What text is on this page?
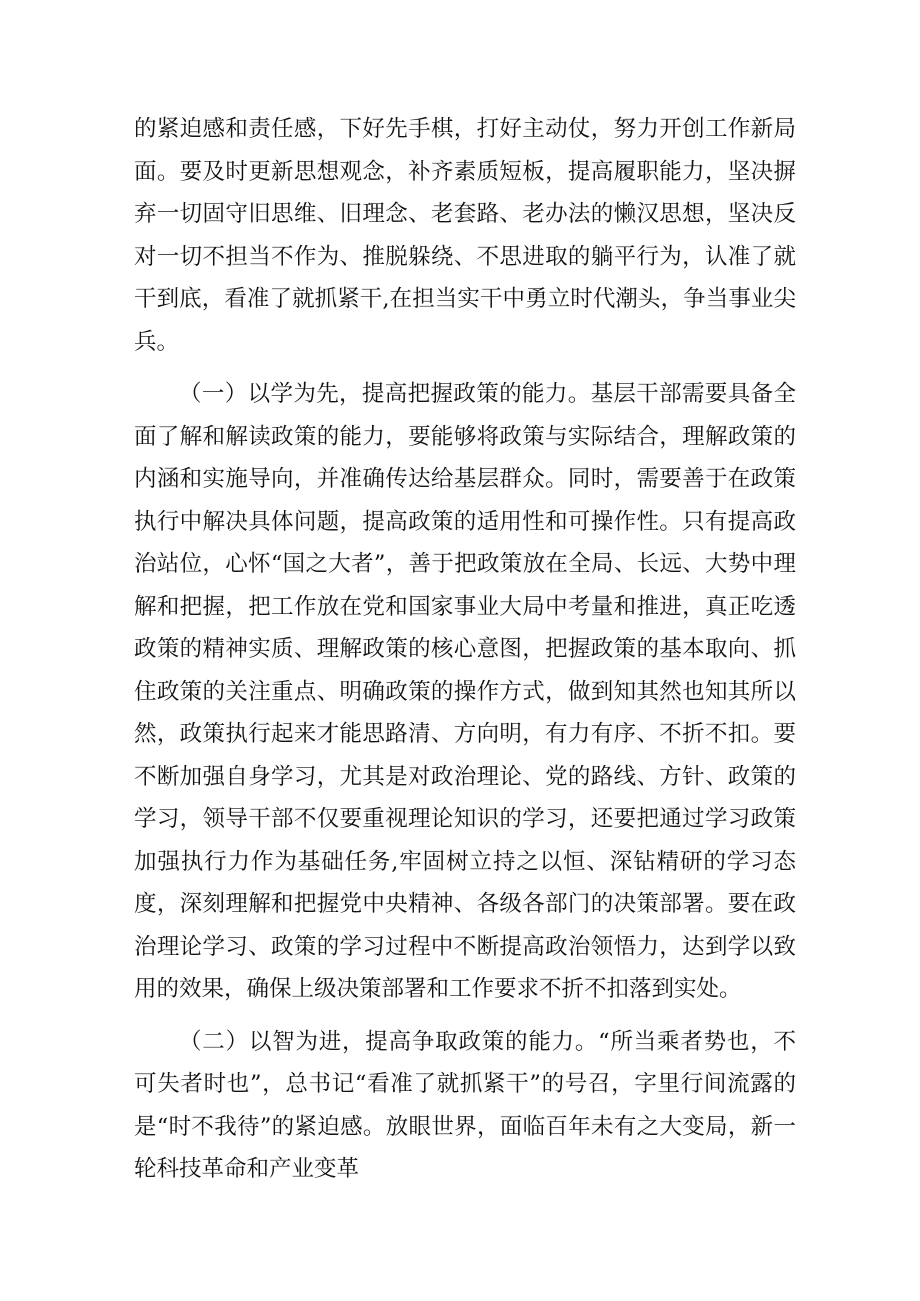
的紧迫感和责任感，下好先手棋，打好主动仗，努力开创工作新局面。要及时更新思想观念，补齐素质短板，提高履职能力，坚决摒弃一切固守旧思维、旧理念、老套路、老办法的懒汉思想，坚决反对一切不担当不作为、推脱躲绕、不思进取的躺平行为，认准了就干到底，看准了就抓紧干,在担当实干中勇立时代潮头，争当事业尖兵。

（一）以学为先，提高把握政策的能力。基层干部需要具备全面了解和解读政策的能力，要能够将政策与实际结合，理解政策的内涵和实施导向，并准确传达给基层群众。同时，需要善于在政策执行中解决具体问题，提高政策的适用性和可操作性。只有提高政治站位，心怀“国之大者”，善于把政策放在全局、长远、大势中理解和把握，把工作放在党和国家事业大局中考量和推进，真正吃透政策的精神实质、理解政策的核心意图，把握政策的基本取向、抓住政策的关注重点、明确政策的操作方式，做到知其然也知其所以然，政策执行起来才能思路清、方向明，有力有序、不折不扣。要不断加强自身学习，尤其是对政治理论、党的路线、方针、政策的学习，领导干部不仅要重视理论知识的学习，还要把通过学习政策加强执行力作为基础任务,牢固树立持之以恒、深钻精研的学习态度，深刻理解和把握党中央精神、各级各部门的决策部署。要在政治理论学习、政策的学习过程中不断提高政治领悟力，达到学以致用的效果，确保上级决策部署和工作要求不折不扣落到实处。

（二）以智为进，提高争取政策的能力。“所当乘者势也，不可失者时也”，总书记“看准了就抓紧干”的号召，字里行间流露的是“时不我待”的紧迫感。放眼世界，面临百年未有之大变局，新一轮科技革命和产业变革
